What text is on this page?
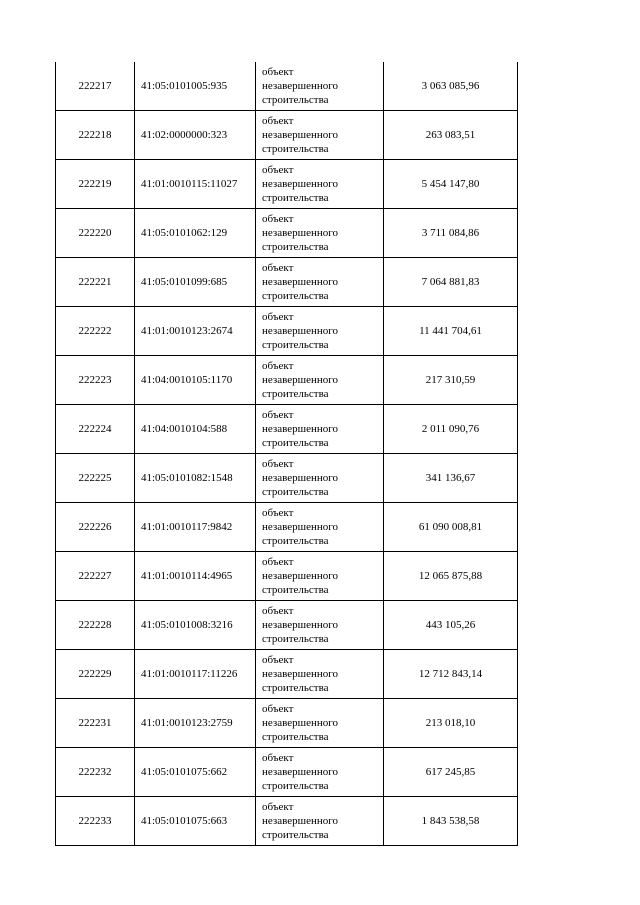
222217	41:05:0101005:935	объект
незавершенного
строительства	3 063 085,96
222218	41:02:0000000:323	объект
незавершенного
строительства	263 083,51
222219	41:01:0010115:11027	объект
незавершенного
строительства	5 454 147,80
222220	41:05:0101062:129	объект
незавершенного
строительства	3 711 084,86
222221	41:05:0101099:685	объект
незавершенного
строительства	7 064 881,83
222222	41:01:0010123:2674	объект
незавершенного
строительства	11 441 704,61
222223	41:04:0010105:1170	объект
незавершенного
строительства	217 310,59
222224	41:04:0010104:588	объект
незавершенного
строительства	2 011 090,76
222225	41:05:0101082:1548	объект
незавершенного
строительства	341 136,67
222226	41:01:0010117:9842	объект
незавершенного
строительства	61 090 008,81
222227	41:01:0010114:4965	объект
незавершенного
строительства	12 065 875,88
222228	41:05:0101008:3216	объект
незавершенного
строительства	443 105,26
222229	41:01:0010117:11226	объект
незавершенного
строительства	12 712 843,14
222231	41:01:0010123:2759	объект
незавершенного
строительства	213 018,10
222232	41:05:0101075:662	объект
незавершенного
строительства	617 245,85
222233	41:05:0101075:663	объект
незавершенного
строительства	1 843 538,58
